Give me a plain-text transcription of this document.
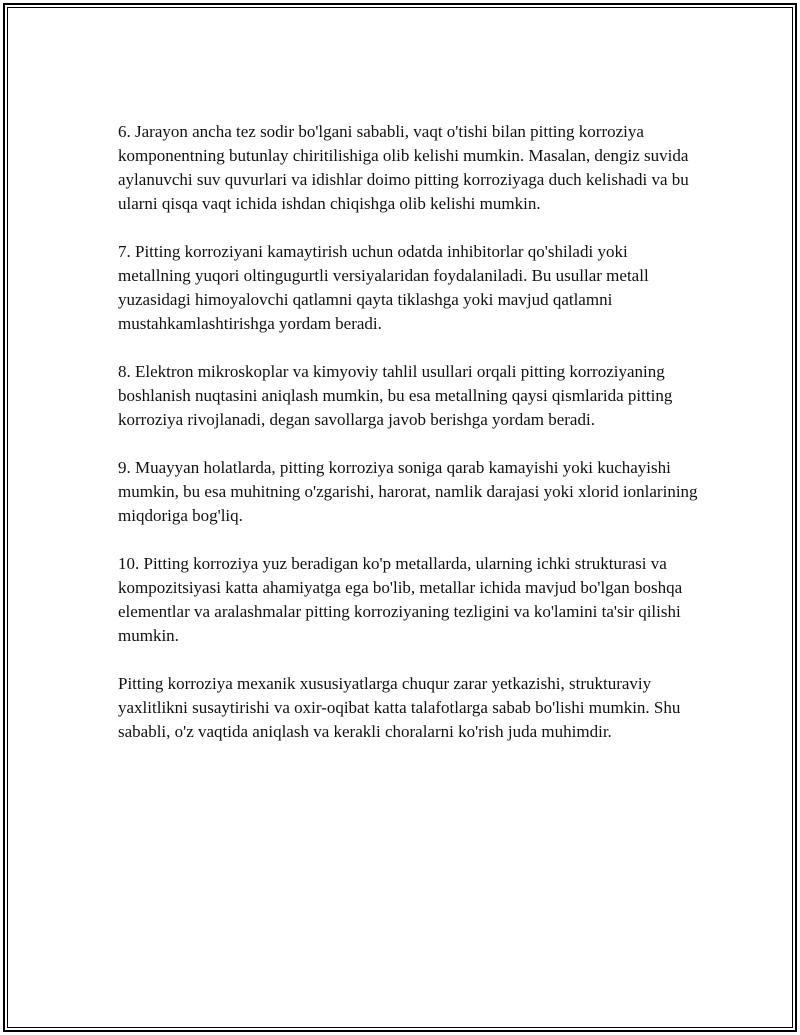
6. Jarayon ancha tez sodir bo'lgani sababli, vaqt o'tishi bilan pitting korroziya komponentning butunlay chiritilishiga olib kelishi mumkin. Masalan, dengiz suvida aylanuvchi suv quvurlari va idishlar doimo pitting korroziyaga duch kelishadi va bu ularni qisqa vaqt ichida ishdan chiqishga olib kelishi mumkin.

7. Pitting korroziyani kamaytirish uchun odatda inhibitorlar qo'shiladi yoki metallning yuqori oltingugurtli versiyalaridan foydalaniladi. Bu usullar metall yuzasidagi himoyalovchi qatlamni qayta tiklashga yoki mavjud qatlamni mustahkamlashtirishga yordam beradi.

8. Elektron mikroskoplar va kimyoviy tahlil usullari orqali pitting korroziyaning boshlanish nuqtasini aniqlash mumkin, bu esa metallning qaysi qismlarida pitting korroziya rivojlanadi, degan savollarga javob berishga yordam beradi.

9. Muayyan holatlarda, pitting korroziya soniga qarab kamayishi yoki kuchayishi mumkin, bu esa muhitning o'zgarishi, harorat, namlik darajasi yoki xlorid ionlarining miqdoriga bog'liq.

10. Pitting korroziya yuz beradigan ko'p metallarda, ularning ichki strukturasi va kompozitsiyasi katta ahamiyatga ega bo'lib, metallar ichida mavjud bo'lgan boshqa elementlar va aralashmalar pitting korroziyaning tezligini va ko'lamini ta'sir qilishi mumkin.

Pitting korroziya mexanik xususiyatlarga chuqur zarar yetkazishi, strukturaviy yaxlitlikni susaytirishi va oxir-oqibat katta talafotlarga sabab bo'lishi mumkin. Shu sababli, o'z vaqtida aniqlash va kerakli choralarni ko'rish juda muhimdir.
